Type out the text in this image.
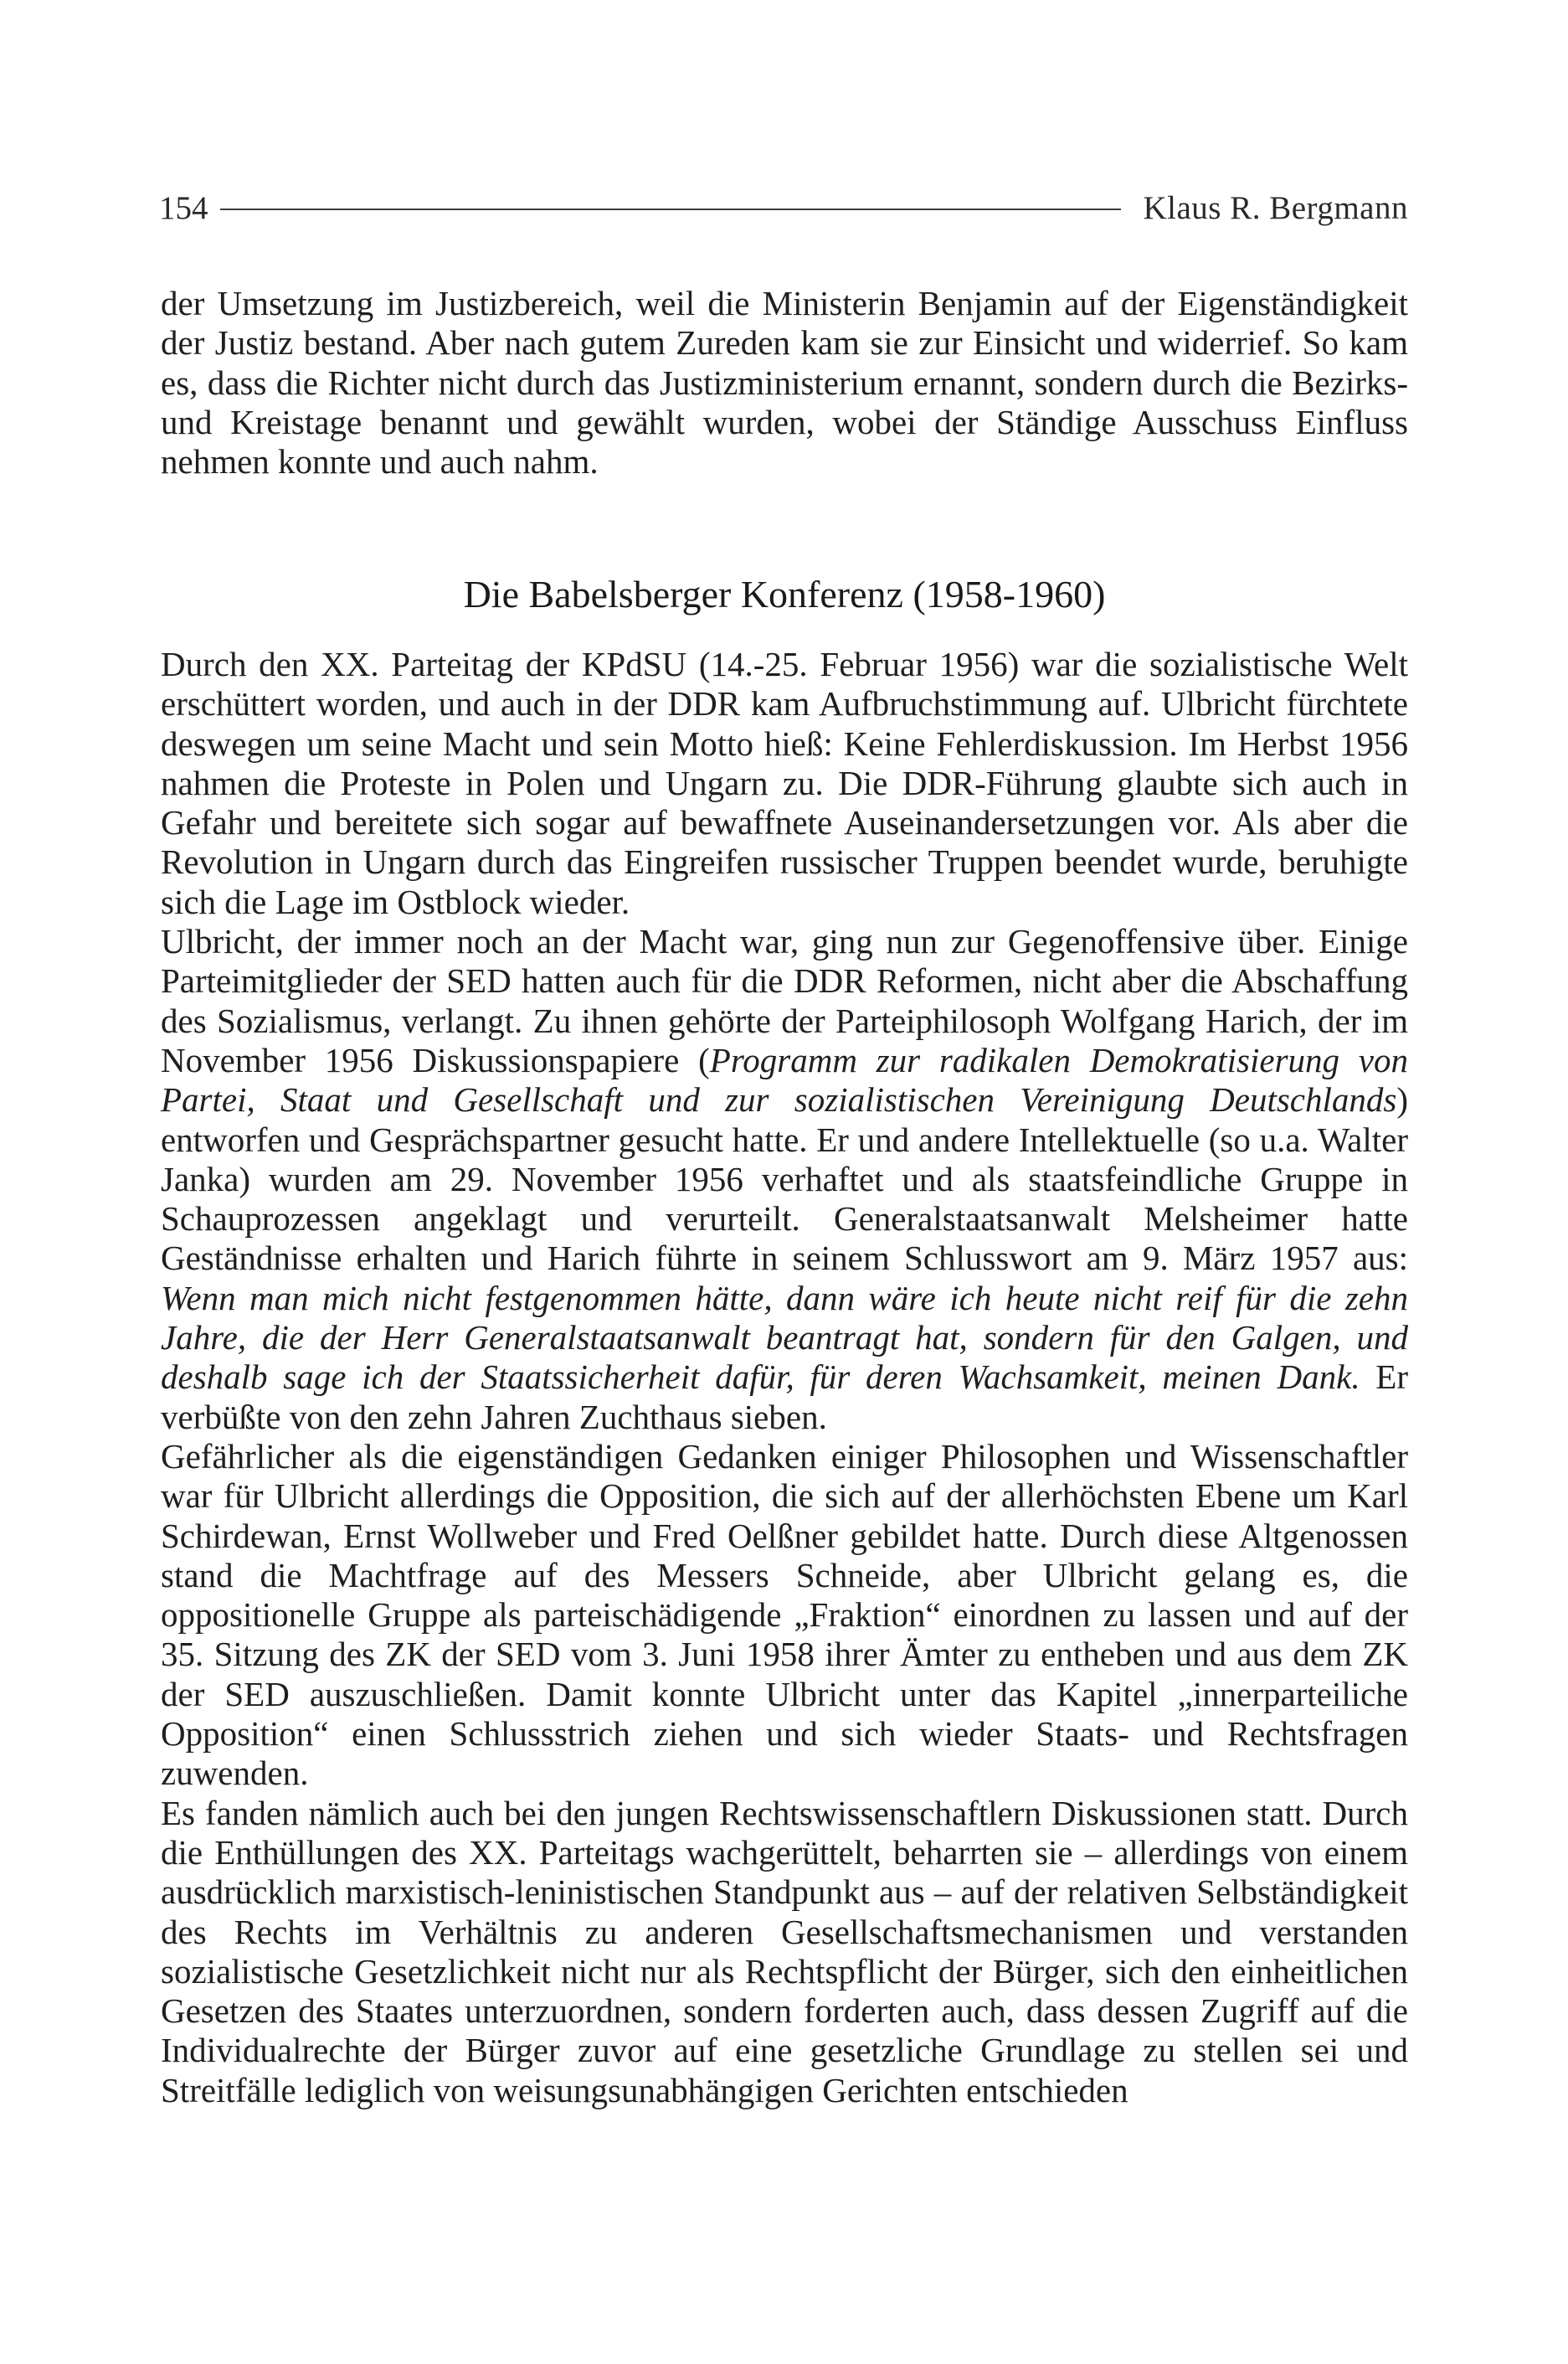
154	Klaus R. Bergmann

der Umsetzung im Justizbereich, weil die Ministerin Benjamin auf der Eigenständigkeit der Justiz bestand. Aber nach gutem Zureden kam sie zur Einsicht und widerrief. So kam es, dass die Richter nicht durch das Justizministerium ernannt, sondern durch die Bezirks- und Kreistage benannt und gewählt wurden, wobei der Ständige Ausschuss Einfluss nehmen konnte und auch nahm.

Die Babelsberger Konferenz (1958-1960)

Durch den XX. Parteitag der KPdSU (14.-25. Februar 1956) war die sozialistische Welt erschüttert worden, und auch in der DDR kam Aufbruchstimmung auf. Ulbricht fürchtete deswegen um seine Macht und sein Motto hieß: Keine Fehlerdiskussion. Im Herbst 1956 nahmen die Proteste in Polen und Ungarn zu. Die DDR-Führung glaubte sich auch in Gefahr und bereitete sich sogar auf bewaffnete Auseinandersetzungen vor. Als aber die Revolution in Ungarn durch das Eingreifen russischer Truppen beendet wurde, beruhigte sich die Lage im Ostblock wieder.

Ulbricht, der immer noch an der Macht war, ging nun zur Gegenoffensive über. Einige Parteimitglieder der SED hatten auch für die DDR Reformen, nicht aber die Abschaffung des Sozialismus, verlangt. Zu ihnen gehörte der Parteiphilosoph Wolfgang Harich, der im November 1956 Diskussionspapiere (Programm zur radikalen Demokratisierung von Partei, Staat und Gesellschaft und zur sozialistischen Vereinigung Deutschlands) entworfen und Gesprächspartner gesucht hatte. Er und andere Intellektuelle (so u.a. Walter Janka) wurden am 29. November 1956 verhaftet und als staatsfeindliche Gruppe in Schauprozessen angeklagt und verurteilt. Generalstaatsanwalt Melsheimer hatte Geständnisse erhalten und Harich führte in seinem Schlusswort am 9. März 1957 aus: Wenn man mich nicht festgenommen hätte, dann wäre ich heute nicht reif für die zehn Jahre, die der Herr Generalstaatsanwalt beantragt hat, sondern für den Galgen, und deshalb sage ich der Staatssicherheit dafür, für deren Wachsamkeit, meinen Dank. Er verbüßte von den zehn Jahren Zuchthaus sieben.

Gefährlicher als die eigenständigen Gedanken einiger Philosophen und Wissenschaftler war für Ulbricht allerdings die Opposition, die sich auf der allerhöchsten Ebene um Karl Schirdewan, Ernst Wollweber und Fred Oelßner gebildet hatte. Durch diese Altgenossen stand die Machtfrage auf des Messers Schneide, aber Ulbricht gelang es, die oppositionelle Gruppe als parteischädigende „Fraktion“ einordnen zu lassen und auf der 35. Sitzung des ZK der SED vom 3. Juni 1958 ihrer Ämter zu entheben und aus dem ZK der SED auszuschließen. Damit konnte Ulbricht unter das Kapitel „innerparteiliche Opposition“ einen Schlussstrich ziehen und sich wieder Staats- und Rechtsfragen zuwenden.

Es fanden nämlich auch bei den jungen Rechtswissenschaftlern Diskussionen statt. Durch die Enthüllungen des XX. Parteitags wachgerüttelt, beharrten sie – allerdings von einem ausdrücklich marxistisch-leninistischen Standpunkt aus – auf der relativen Selbständigkeit des Rechts im Verhältnis zu anderen Gesellschaftsmechanismen und verstanden sozialistische Gesetzlichkeit nicht nur als Rechtspflicht der Bürger, sich den einheitlichen Gesetzen des Staates unterzuordnen, sondern forderten auch, dass dessen Zugriff auf die Individualrechte der Bürger zuvor auf eine gesetzliche Grundlage zu stellen sei und Streitfälle lediglich von weisungsunabhängigen Gerichten entschieden
